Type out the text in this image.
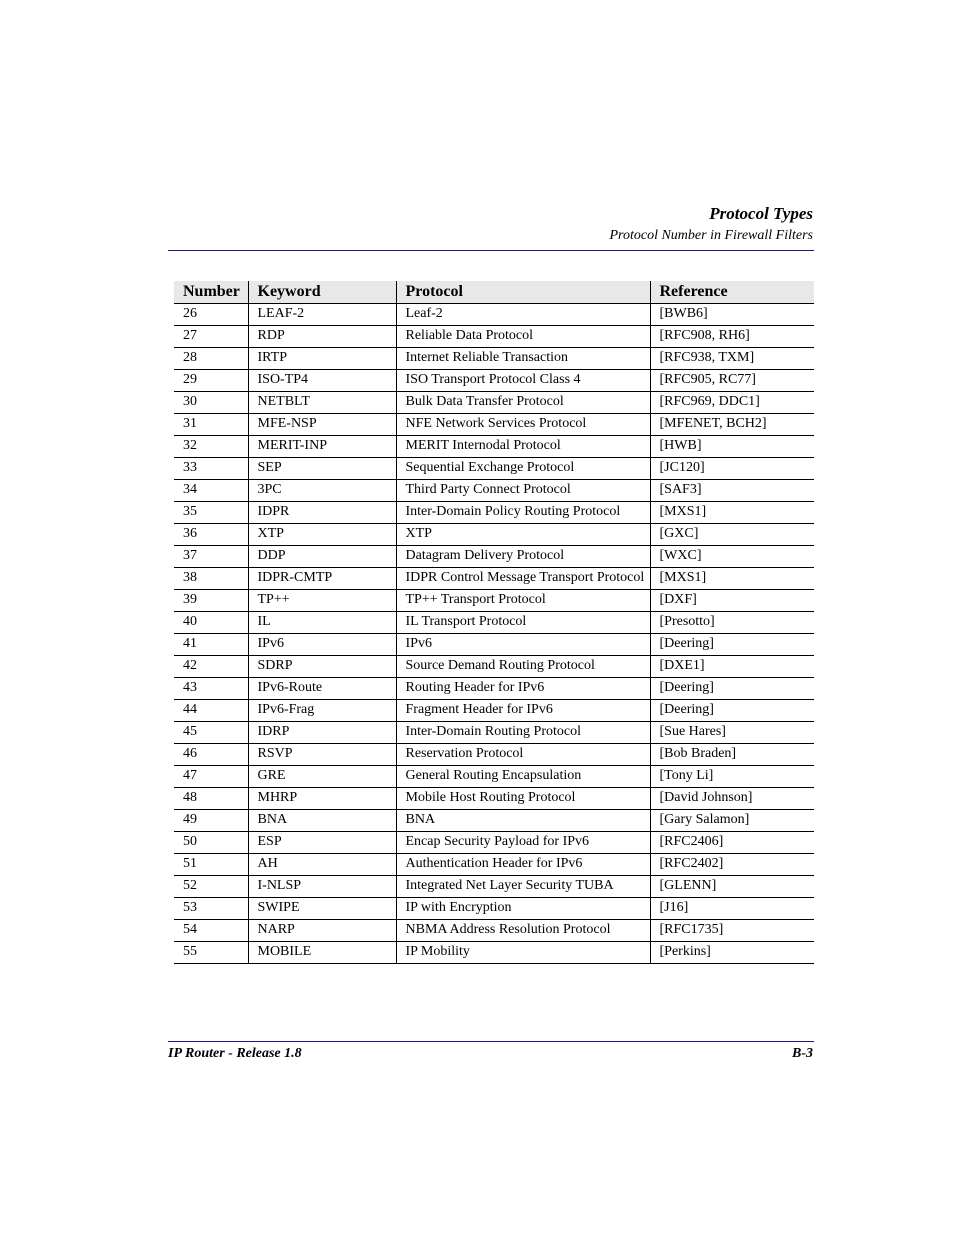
Protocol Types
Protocol Number in Firewall Filters
Number	Keyword	Protocol	Reference
26	LEAF-2	Leaf-2	[BWB6]
27	RDP	Reliable Data Protocol	[RFC908, RH6]
28	IRTP	Internet Reliable Transaction	[RFC938, TXM]
29	ISO-TP4	ISO Transport Protocol Class 4	[RFC905, RC77]
30	NETBLT	Bulk Data Transfer Protocol	[RFC969, DDC1]
31	MFE-NSP	NFE Network Services Protocol	[MFENET, BCH2]
32	MERIT-INP	MERIT Internodal Protocol	[HWB]
33	SEP	Sequential Exchange Protocol	[JC120]
34	3PC	Third Party Connect Protocol	[SAF3]
35	IDPR	Inter-Domain Policy Routing Protocol	[MXS1]
36	XTP	XTP	[GXC]
37	DDP	Datagram Delivery Protocol	[WXC]
38	IDPR-CMTP	IDPR Control Message Transport Protocol	[MXS1]
39	TP++	TP++ Transport Protocol	[DXF]
40	IL	IL Transport Protocol	[Presotto]
41	IPv6	IPv6	[Deering]
42	SDRP	Source Demand Routing Protocol	[DXE1]
43	IPv6-Route	Routing Header for IPv6	[Deering]
44	IPv6-Frag	Fragment Header for IPv6	[Deering]
45	IDRP	Inter-Domain Routing Protocol	[Sue Hares]
46	RSVP	Reservation Protocol	[Bob Braden]
47	GRE	General Routing Encapsulation	[Tony Li]
48	MHRP	Mobile Host Routing Protocol	[David Johnson]
49	BNA	BNA	[Gary Salamon]
50	ESP	Encap Security Payload for IPv6	[RFC2406]
51	AH	Authentication Header for IPv6	[RFC2402]
52	I-NLSP	Integrated Net Layer Security TUBA	[GLENN]
53	SWIPE	IP with Encryption	[J16]
54	NARP	NBMA Address Resolution Protocol	[RFC1735]
55	MOBILE	IP Mobility	[Perkins]
IP Router - Release 1.8	B-3
